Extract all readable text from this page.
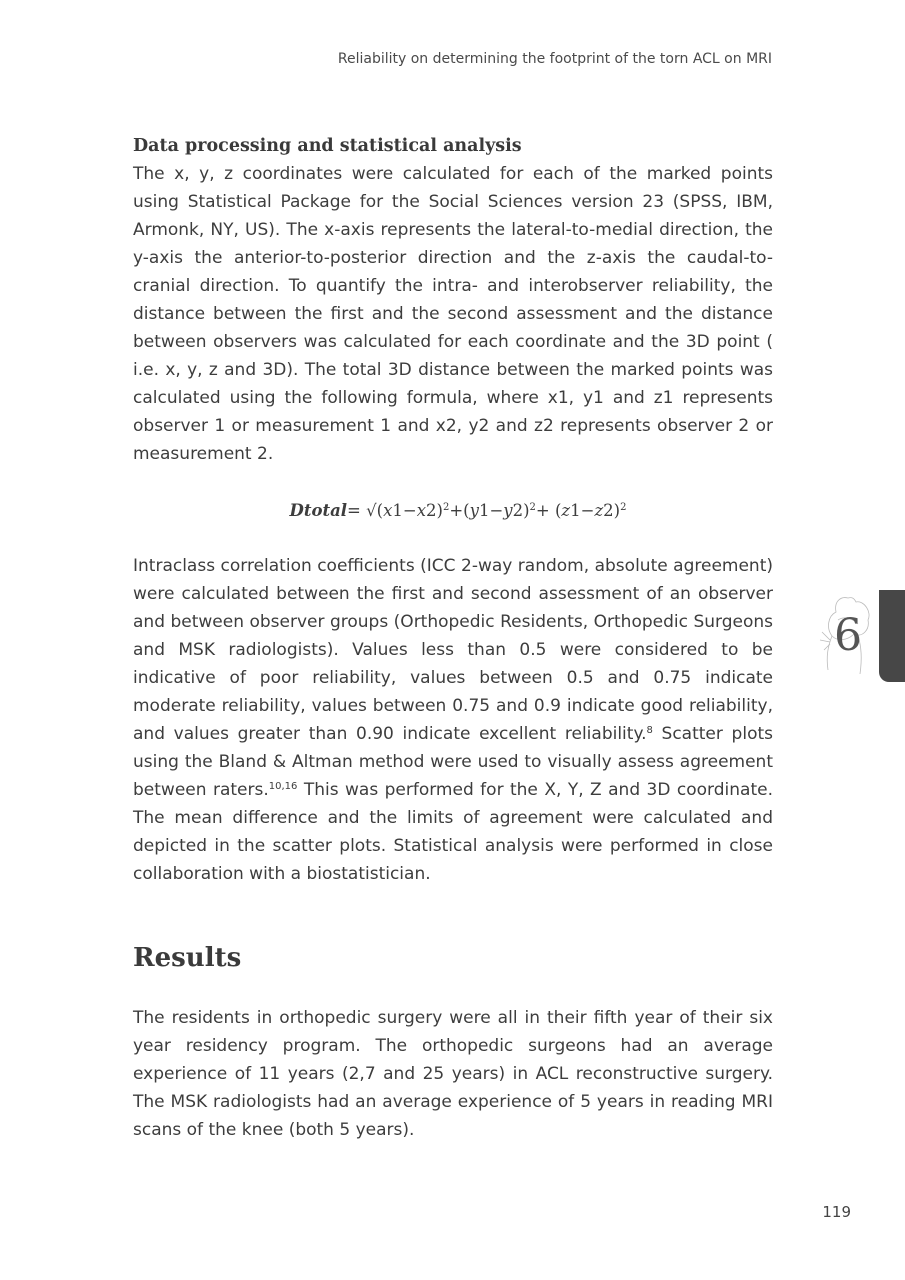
Reliability on determining the footprint of the torn ACL on MRI
Data processing and statistical analysis

The x, y, z coordinates were calculated for each of the marked points using Statistical Package for the Social Sciences version 23 (SPSS, IBM, Armonk, NY, US). The x-axis represents the lateral-to-medial direction, the y-axis the anterior-to-posterior direction and the z-axis the caudal-to-cranial direction. To quantify the intra- and interobserver reliability, the distance between the first and the second assessment and the distance between observers was calculated for each coordinate and the 3D point ( i.e. x, y, z and 3D). The total 3D distance between the marked points was calculated using the following formula, where x1, y1 and z1 represents observer 1 or measurement 1 and x2, y2 and z2 represents observer 2 or measurement 2.

Dtotal= $√(x1-x2)^2+(y1-y2)^2+ (z1-z2)^2$

Intraclass correlation coefficients (ICC 2-way random, absolute agreement) were calculated between the first and second assessment of an observer and between observer groups (Orthopedic Residents, Orthopedic Surgeons and MSK radiologists). Values less than 0.5 were considered to be indicative of poor reliability, values between 0.5 and 0.75 indicate moderate reliability, values between 0.75 and 0.9 indicate good reliability, and values greater than 0.90 indicate excellent reliability.$^8$ Scatter plots using the Bland & Altman method were used to visually assess agreement between raters.$^{10,16}$ This was performed for the X, Y, Z and 3D coordinate. The mean difference and the limits of agreement were calculated and depicted in the scatter plots. Statistical analysis were performed in close collaboration with a biostatistician.

Results

The residents in orthopedic surgery were all in their fifth year of their six year residency program. The orthopedic surgeons had an average experience of 11 years (2,7 and 25 years) in ACL reconstructive surgery. The MSK radiologists had an average experience of 5 years in reading MRI scans of the knee (both 5 years).

6
119
